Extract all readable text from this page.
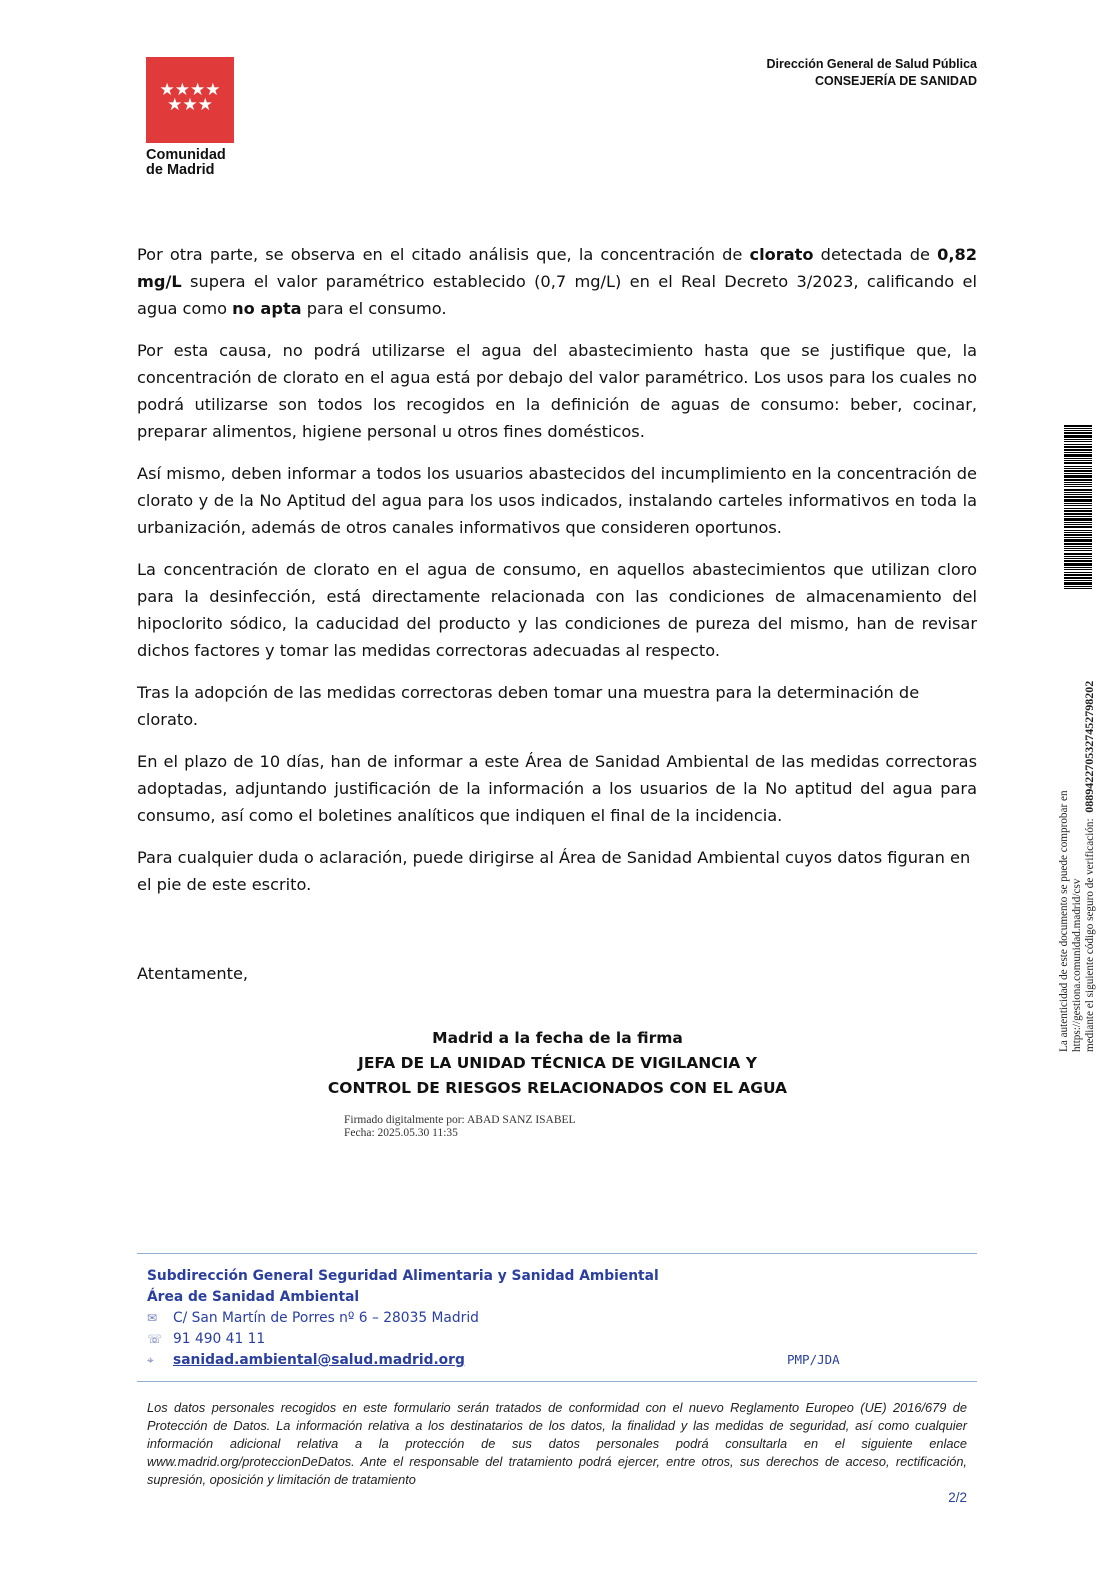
★★★★
★★★
Comunidad
de Madrid
Dirección General de Salud Pública
CONSEJERÍA DE SANIDAD

Por otra parte, se observa en el citado análisis que, la concentración de clorato detectada de 0,82 mg/L supera el valor paramétrico establecido (0,7 mg/L) en el Real Decreto 3/2023, calificando el agua como no apta para el consumo.

Por esta causa, no podrá utilizarse el agua del abastecimiento hasta que se justifique que, la concentración de clorato en el agua está por debajo del valor paramétrico. Los usos para los cuales no podrá utilizarse son todos los recogidos en la definición de aguas de consumo: beber, cocinar, preparar alimentos, higiene personal u otros fines domésticos.

Así mismo, deben informar a todos los usuarios abastecidos del incumplimiento en la concentración de clorato y de la No Aptitud del agua para los usos indicados, instalando carteles informativos en toda la urbanización, además de otros canales informativos que consideren oportunos.

La concentración de clorato en el agua de consumo, en aquellos abastecimientos que utilizan cloro para la desinfección, está directamente relacionada con las condiciones de almacenamiento del hipoclorito sódico, la caducidad del producto y las condiciones de pureza del mismo, han de revisar dichos factores y tomar las medidas correctoras adecuadas al respecto.

Tras la adopción de las medidas correctoras deben tomar una muestra para la determinación de clorato.

En el plazo de 10 días, han de informar a este Área de Sanidad Ambiental de las medidas correctoras adoptadas, adjuntando justificación de la información a los usuarios de la No aptitud del agua para consumo, así como el boletines analíticos que indiquen el final de la incidencia.

Para cualquier duda o aclaración, puede dirigirse al Área de Sanidad Ambiental cuyos datos figuran en el pie de este escrito.

Atentamente,
Madrid a la fecha de la firma
JEFA DE LA UNIDAD TÉCNICA DE VIGILANCIA Y
CONTROL DE RIESGOS RELACIONADOS CON EL AGUA
Firmado digitalmente por: ABAD SANZ ISABEL
Fecha: 2025.05.30 11:35
Subdirección General Seguridad Alimentaria y Sanidad Ambiental
Área de Sanidad Ambiental
✉	C/ San Martín de Porres nº 6 – 28035 Madrid
☏ 91 490 41 11
⌖	sanidad.ambiental@salud.madrid.org	PMP/JDA
Los datos personales recogidos en este formulario serán tratados de conformidad con el nuevo Reglamento Europeo (UE) 2016/679 de Protección de Datos. La información relativa a los destinatarios de los datos, la finalidad y las medidas de seguridad, así como cualquier información adicional relativa a la protección de sus datos personales podrá consultarla en el siguiente enlace www.madrid.org/proteccionDeDatos. Ante el responsable del tratamiento podrá ejercer, entre otros, sus derechos de acceso, rectificación, supresión, oposición y limitación de tratamiento
2/2
La autenticidad de este documento se puede comprobar en https://gestiona.comunidad.madrid/csv mediante el siguiente código seguro de verificación:  0889422705327452798202
